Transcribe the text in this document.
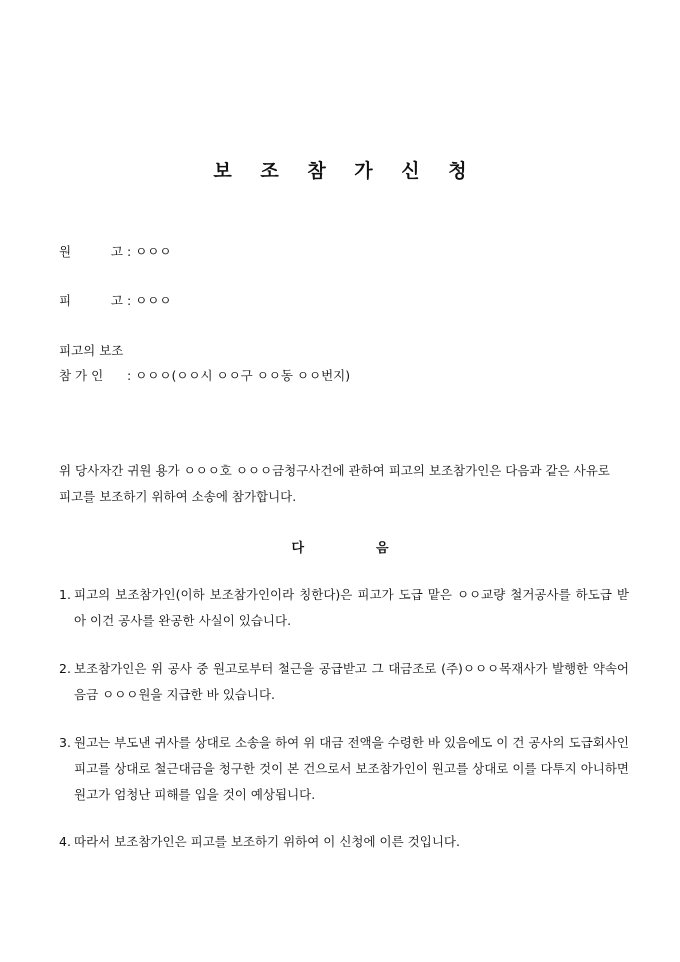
보 조 참 가 신 청
원	고 : ㅇㅇㅇ
피	고 : ㅇㅇㅇ
피고의 보조
참 가 인 : ㅇㅇㅇ(ㅇㅇ시 ㅇㅇ구 ㅇㅇ동 ㅇㅇ번지)
위 당사자간 귀원 용가 ㅇㅇㅇ호 ㅇㅇㅇ금청구사건에 관하여 피고의 보조참가인은 다음과 같은 사유로 피고를 보조하기 위하여 소송에 참가합니다.
다	음
1. 피고의 보조참가인(이하 보조참가인이라 칭한다)은 피고가 도급 맡은 ㅇㅇ교량 철거공사를 하도급 받아 이건 공사를 완공한 사실이 있습니다.
2. 보조참가인은 위 공사 중 원고로부터 철근을 공급받고 그 대금조로 (주)ㅇㅇㅇ목재사가 발행한 약속어음금 ㅇㅇㅇ원을 지급한 바 있습니다.
3. 원고는 부도낸 귀사를 상대로 소송을 하여 위 대금 전액을 수령한 바 있음에도 이 건 공사의 도급회사인 피고를 상대로 철근대금을 청구한 것이 본 건으로서 보조참가인이 원고를 상대로 이를 다투지 아니하면 원고가 엄청난 피해를 입을 것이 예상됩니다.
4. 따라서 보조참가인은 피고를 보조하기 위하여 이 신청에 이른 것입니다.
